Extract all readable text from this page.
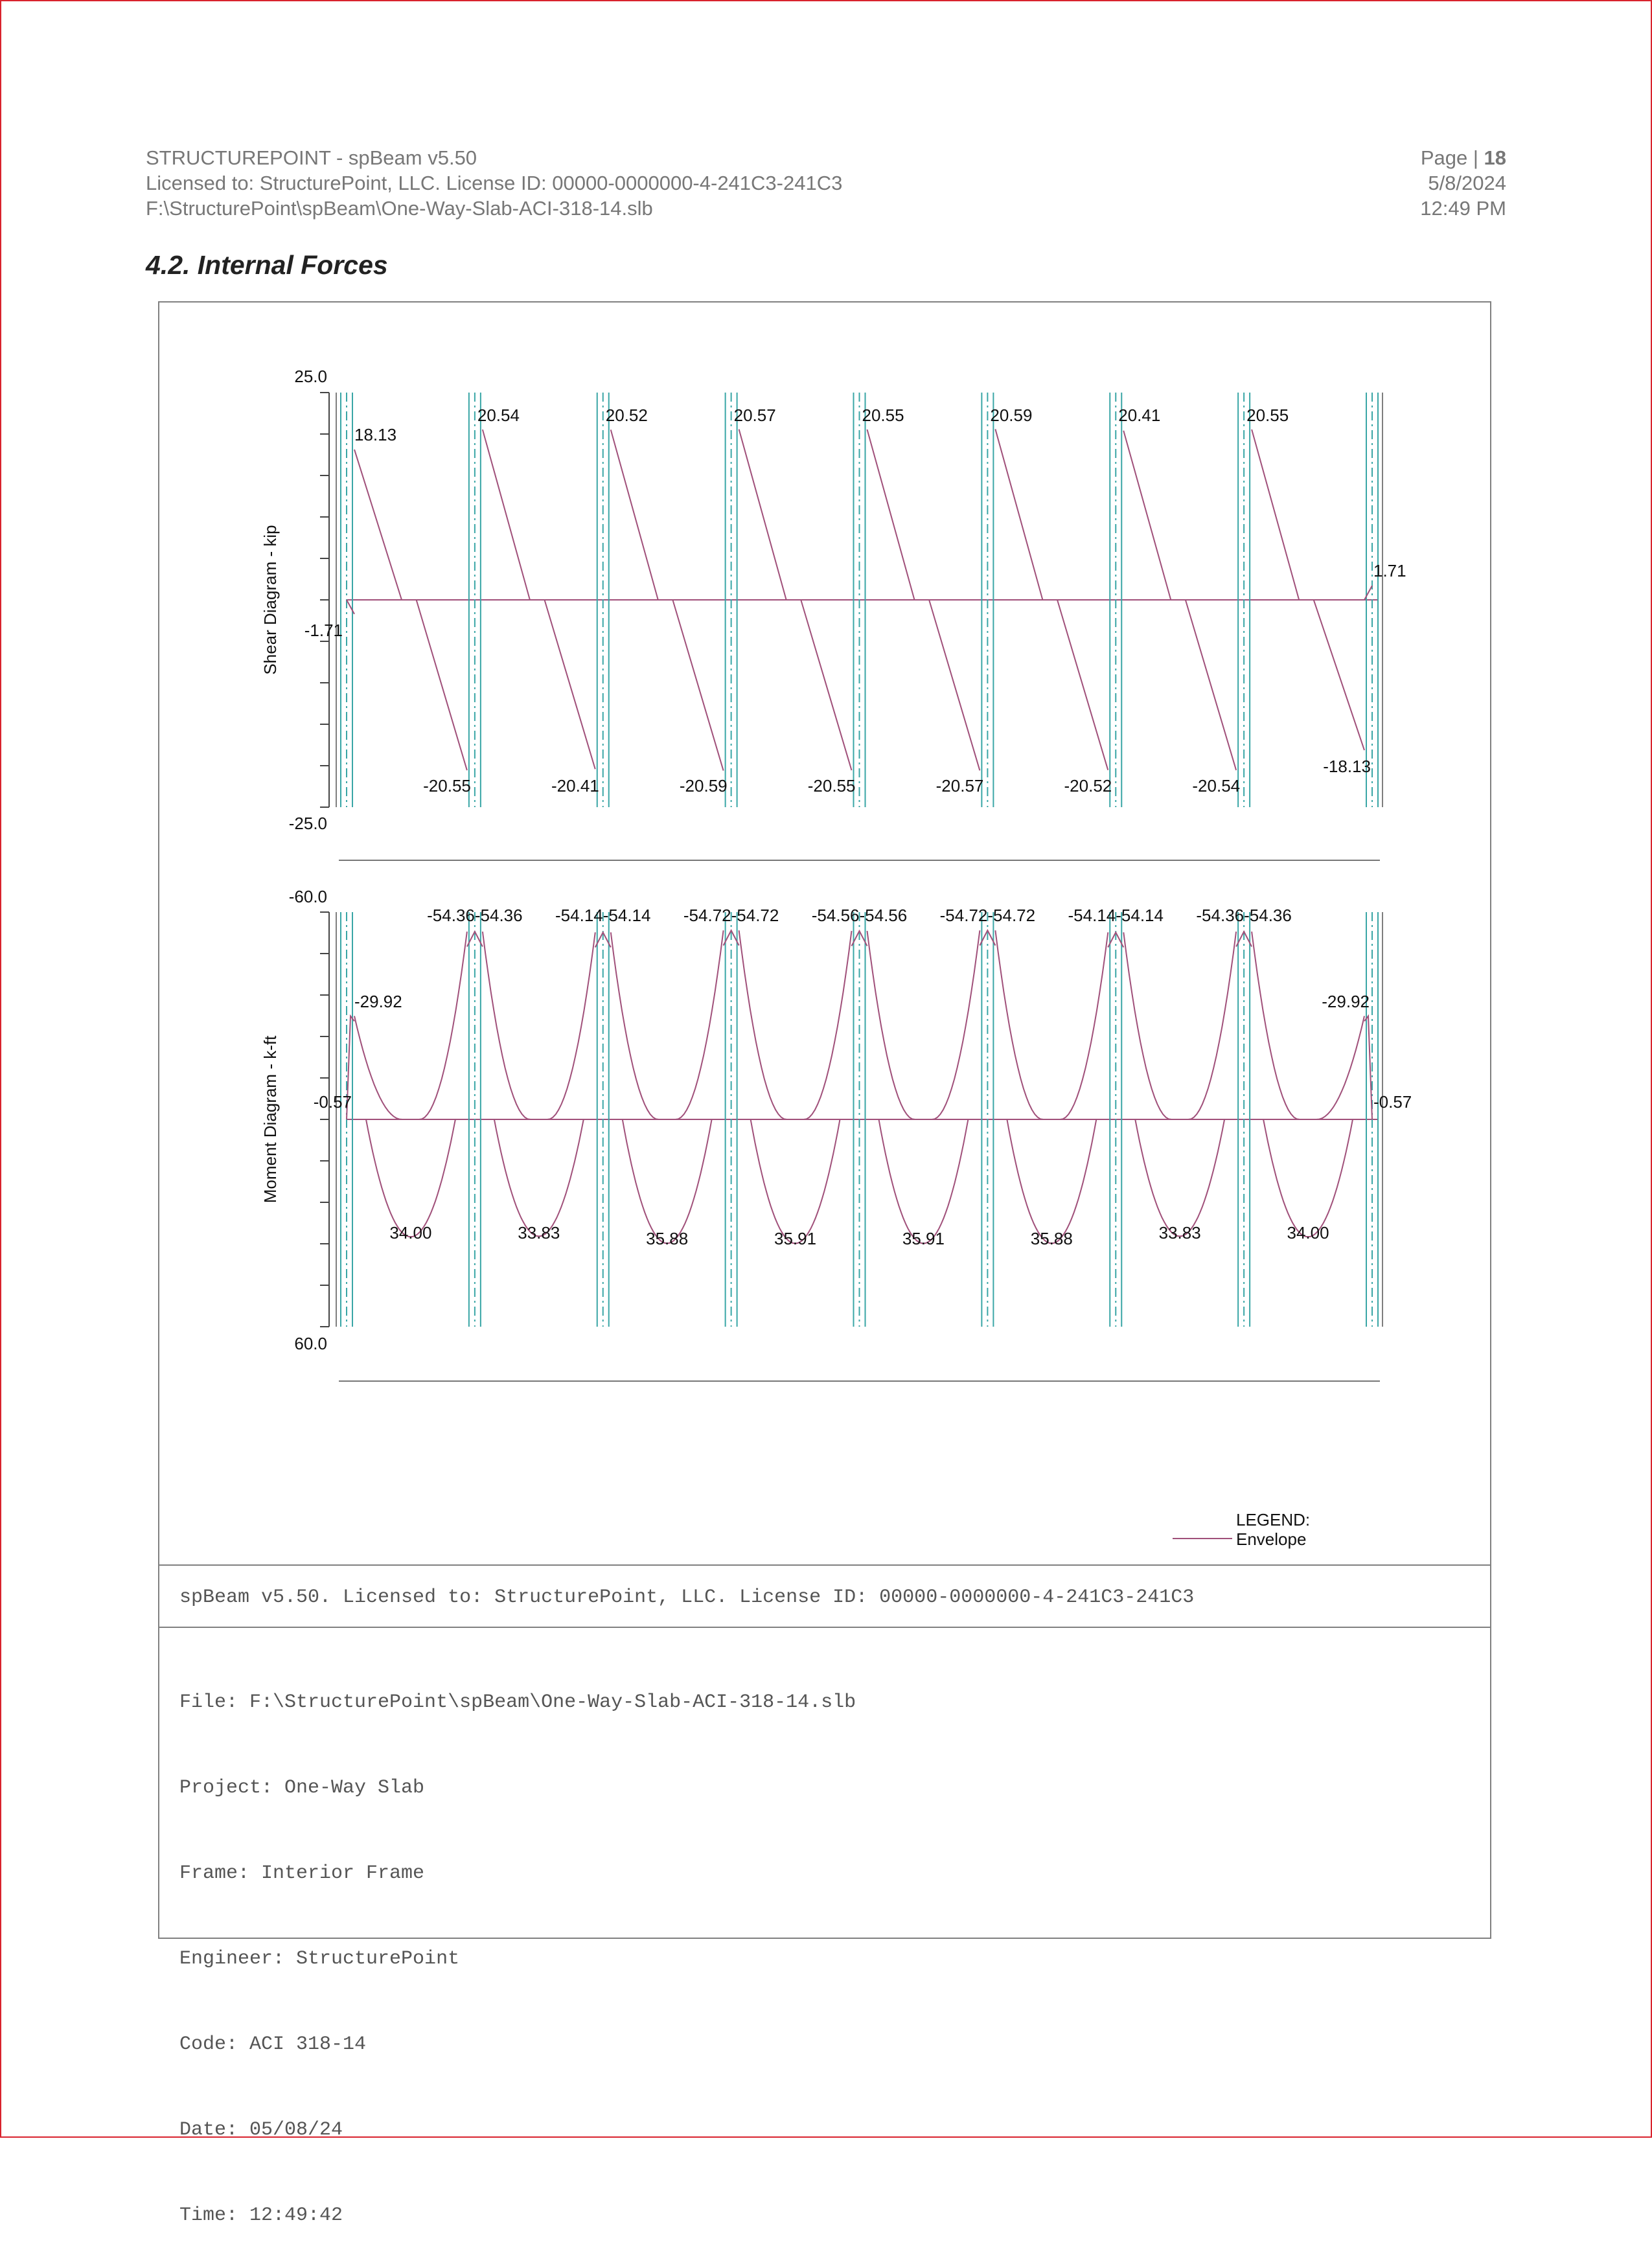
STRUCTUREPOINT - spBeam v5.50
Licensed to: StructurePoint, LLC. License ID: 00000-0000000-4-241C3-241C3
F:\StructurePoint\spBeam\One-Way-Slab-ACI-318-14.slb
Page | 18
5/8/2024
12:49 PM
4.2. Internal Forces
25.0
-25.0
Shear Diagram - kip
-60.0
60.0
Moment Diagram - k-ft
18.13
20.54	20.52	20.57	20.55	20.59	20.41	20.55
1.71
-1.71
-20.55	-20.41	-20.59	-20.55	-20.57	-20.52	-20.54
-18.13
-29.92
-54.36-54.36 -54.14-54.14 -54.72-54.72 -54.56-54.56 -54.72-54.72 -54.14-54.14 -54.36-54.36
-29.92
34.00	33.83	35.88	35.91	35.91	35.88	33.83	34.00
-0.57	-0.57
LEGEND:
Envelope
spBeam v5.50. Licensed to: StructurePoint, LLC. License ID: 00000-0000000-4-241C3-241C3

File: F:\StructurePoint\spBeam\One-Way-Slab-ACI-318-14.slb

Project: One-Way Slab

Frame: Interior Frame

Engineer: StructurePoint

Code: ACI 318-14

Date: 05/08/24

Time: 12:49:42
